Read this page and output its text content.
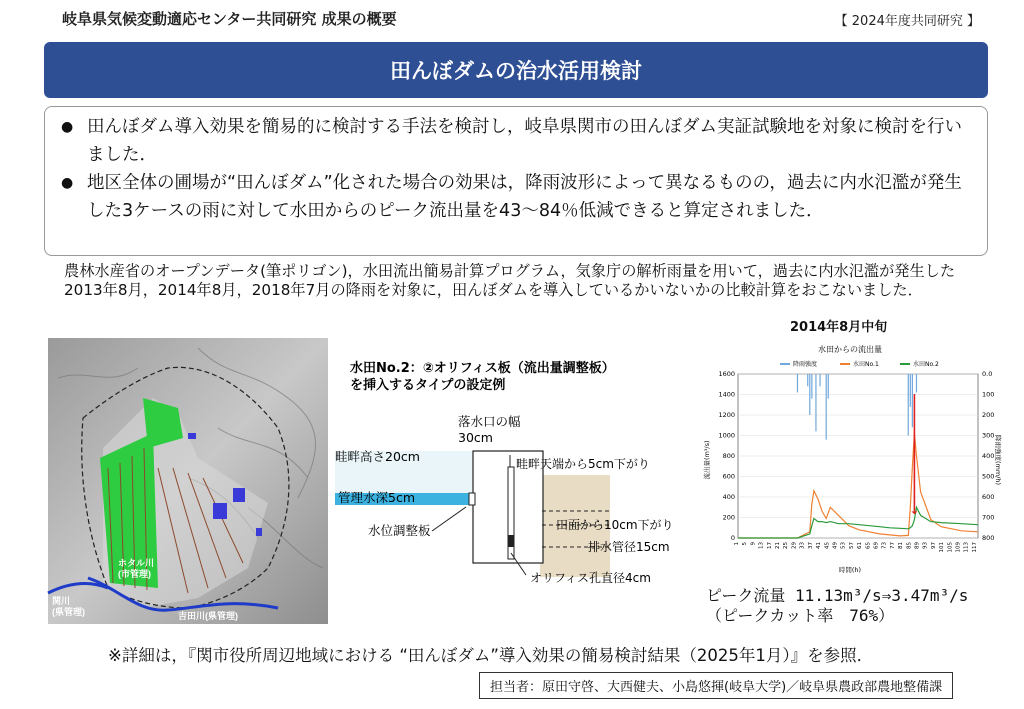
岐阜県気候変動適応センター共同研究 成果の概要	【 2024年度共同研究 】
田んぼダムの治水活用検討
● 田んぼダム導入効果を簡易的に検討する手法を検討し，岐阜県関市の田んぼダム実証試験地を対象に検討を行いました．
● 地区全体の圃場が“田んぼダム”化された場合の効果は，降雨波形によって異なるものの，過去に内水氾濫が発生した3ケースの雨に対して水田からのピーク流出量を43～84％低減できると算定されました．
農林水産省のオープンデータ(筆ポリゴン)，水田流出簡易計算プログラム，気象庁の解析雨量を用いて，過去に内水氾濫が発生した2013年8月，2014年8月，2018年7月の降雨を対象に，田んぼダムを導入しているかいないかの比較計算をおこないました．
2014年8月中旬
ホタル川
(市管理)
関川
(県管理)	吉田川(県管理)
水田No.2：②オリフィス板（流出量調整板）
を挿入するタイプの設定例
落水口の幅
30cm
畦畔高さ20cm	畦畔天端から5cm下がり
管理水深5cm
水位調整板	田面から10cm下がり
排水管径15cm
オリフィス孔直径4cm
水田からの流出量
降雨強度	水田No.1	水田No.2
1600
1400
1200
1000
800
600
400
200
0
0.0
100
200
300
400
500
600
700
800
1 5 9 13 17 21 25 29 33 37 41 45 49 53 57 61 65 69 73 77 81 85 89 93 97 101 105 109 113 117
時間(h)
流出量(m³/s)	降雨強度(mm/h)
ピーク流量 11.13m³/s⇒3.47m³/s
（ピークカット率　76%）
※詳細は，『関市役所周辺地域における “田んぼダム”導入効果の簡易検討結果（2025年1月）』を参照．
担当者：原田守啓、大西健夫、小島悠揮(岐阜大学)／岐阜県農政部農地整備課
